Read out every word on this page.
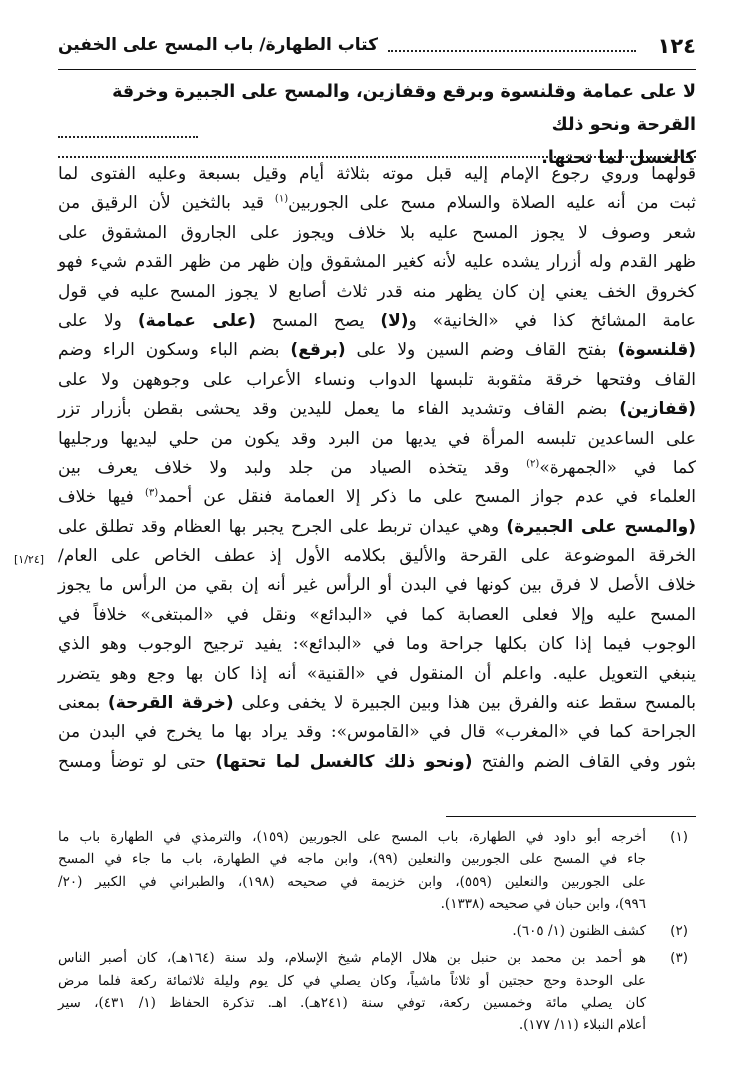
١٢٤
كتاب الطهارة/ باب المسح على الخفين
لا على عمامة وقلنسوة وبرقع وقفازين، والمسح على الجبيرة وخرقة القرحة ونحو ذلك
كالغسل لما تحتها.
قولهما وروي رجوع الإمام إليه قبل موته بثلاثة أيام وقيل بسبعة وعليه الفتوى لما
ثبت من أنه عليه الصلاة والسلام مسح على الجوربين$^{(١)}$ قيد بالثخين لأن الرقيق من
شعر وصوف لا يجوز المسح عليه بلا خلاف ويجوز على الجاروق المشقوق على
ظهر القدم وله أزرار يشده عليه لأنه كغير المشقوق وإن ظهر من ظهر القدم شيء فهو
كخروق الخف يعني إن كان يظهر منه قدر ثلاث أصابع لا يجوز المسح عليه في قول
عامة المشائخ كذا في «الخانية» و(لا) يصح المسح (على عمامة) ولا على
(قلنسوة) بفتح القاف وضم السين ولا على (برقع) بضم الباء وسكون الراء وضم
القاف وفتحها خرقة مثقوبة تلبسها الدواب ونساء الأعراب على وجوههن ولا على
(قفازين) بضم القاف وتشديد الفاء ما يعمل لليدين وقد يحشى بقطن بأزرار تزر
على الساعدين تلبسه المرأة في يديها من البرد وقد يكون من حلي ليديها ورجليها
كما في «الجمهرة»$^{(٢)}$ وقد يتخذه الصياد من جلد ولبد ولا خلاف يعرف بين
العلماء في عدم جواز المسح على ما ذكر إلا العمامة فنقل عن أحمد$^{(٣)}$ فيها خلاف
(والمسح على الجبيرة) وهي عيدان تربط على الجرح يجبر بها العظام وقد تطلق على
الخرقة الموضوعة على القرحة والأليق بكلامه الأول إذ عطف الخاص على العام/
خلاف الأصل لا فرق بين كونها في البدن أو الرأس غير أنه إن بقي من الرأس ما يجوز
المسح عليه وإلا فعلى العصابة كما في «البدائع» ونقل في «المبتغى» خلافاً في
الوجوب فيما إذا كان بكلها جراحة وما في «البدائع»: يفيد ترجيح الوجوب وهو الذي
ينبغي التعويل عليه. واعلم أن المنقول في «القنية» أنه إذا كان بها وجع وهو يتضرر
بالمسح سقط عنه والفرق بين هذا وبين الجبيرة لا يخفى وعلى (خرقة القرحة) بمعنى
الجراحة كما في «المغرب» قال في «القاموس»: وقد يراد بها ما يخرج في البدن من
بثور وفي القاف الضم والفتح (ونحو ذلك كالغسل لما تحتها) حتى لو توضأ ومسح
[١/٢٤]
(١)
أخرجه أبو داود في الطهارة، باب المسح على الجوربين (١٥٩)، والترمذي في الطهارة باب ما
جاء في المسح على الجوربين والنعلين (٩٩)، وابن ماجه في الطهارة، باب ما جاء في المسح
على الجوربين والنعلين (٥٥٩)، وابن خزيمة في صحيحه (١٩٨)، والطبراني في الكبير (٢٠/
٩٩٦)، وابن حبان في صحيحه (١٣٣٨).
(٢)
كشف الظنون (١/ ٦٠٥).
(٣)
هو أحمد بن محمد بن حنبل بن هلال الإمام شيخ الإسلام، ولد سنة (١٦٤هـ)، كان أصبر الناس
على الوحدة وحج حجتين أو ثلاثاً ماشياً، وكان يصلي في كل يوم وليلة ثلاثمائة ركعة فلما مرض
كان يصلي مائة وخمسين ركعة، توفي سنة (٢٤١هـ). اهـ. تذكرة الحفاظ (١/ ٤٣١)، سير
أعلام النبلاء (١١/ ١٧٧).
